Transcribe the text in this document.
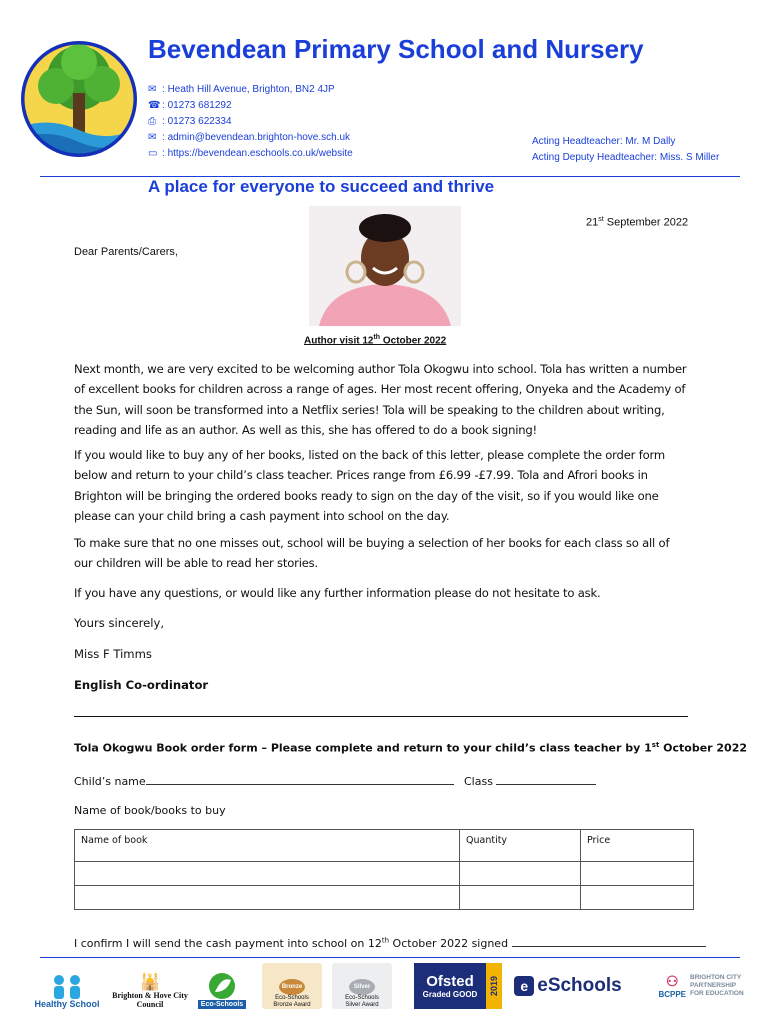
Bevendean Primary School and Nursery
✉ : Heath Hill Avenue, Brighton, BN2 4JP
☎ : 01273 681292
⎙ : 01273 622334
✉ : admin@bevendean.brighton-hove.sch.uk
▭ : https://bevendean.eschools.co.uk/website
Acting Headteacher: Mr. M Dally
Acting Deputy Headteacher: Miss. S Miller
A place for everyone to succeed and thrive
21st September 2022
Dear Parents/Carers,
Author visit 12th October 2022
Next month, we are very excited to be welcoming author Tola Okogwu into school. Tola has written a number of excellent books for children across a range of ages. Her most recent offering, Onyeka and the Academy of the Sun, will soon be transformed into a Netflix series! Tola will be speaking to the children about writing, reading and life as an author. As well as this, she has offered to do a book signing!
If you would like to buy any of her books, listed on the back of this letter, please complete the order form below and return to your child’s class teacher. Prices range from £6.99 -£7.99. Tola and Afrori books in Brighton will be bringing the ordered books ready to sign on the day of the visit, so if you would like one please can your child bring a cash payment into school on the day.
To make sure that no one misses out, school will be buying a selection of her books for each class so all of our children will be able to read her stories.
If you have any questions, or would like any further information please do not hesitate to ask.
Yours sincerely,
Miss F Timms
English Co-ordinator
Tola Okogwu Book order form – Please complete and return to your child’s class teacher by 1st October 2022
Child’s name	Class
Name of book/books to buy
Name of book	Quantity	Price

I confirm I will send the cash payment into school on 12th October 2022 signed
Healthy School
🕌
Brighton & Hove City Council	Eco-Schools
Bronze
Eco-Schools Bronze Award
Silver
Eco-Schools Silver Award
Ofsted
Graded GOOD	2019	e eSchools	⚇
BCPPE
BRIGHTON CITY PARTNERSHIP FOR EDUCATION
